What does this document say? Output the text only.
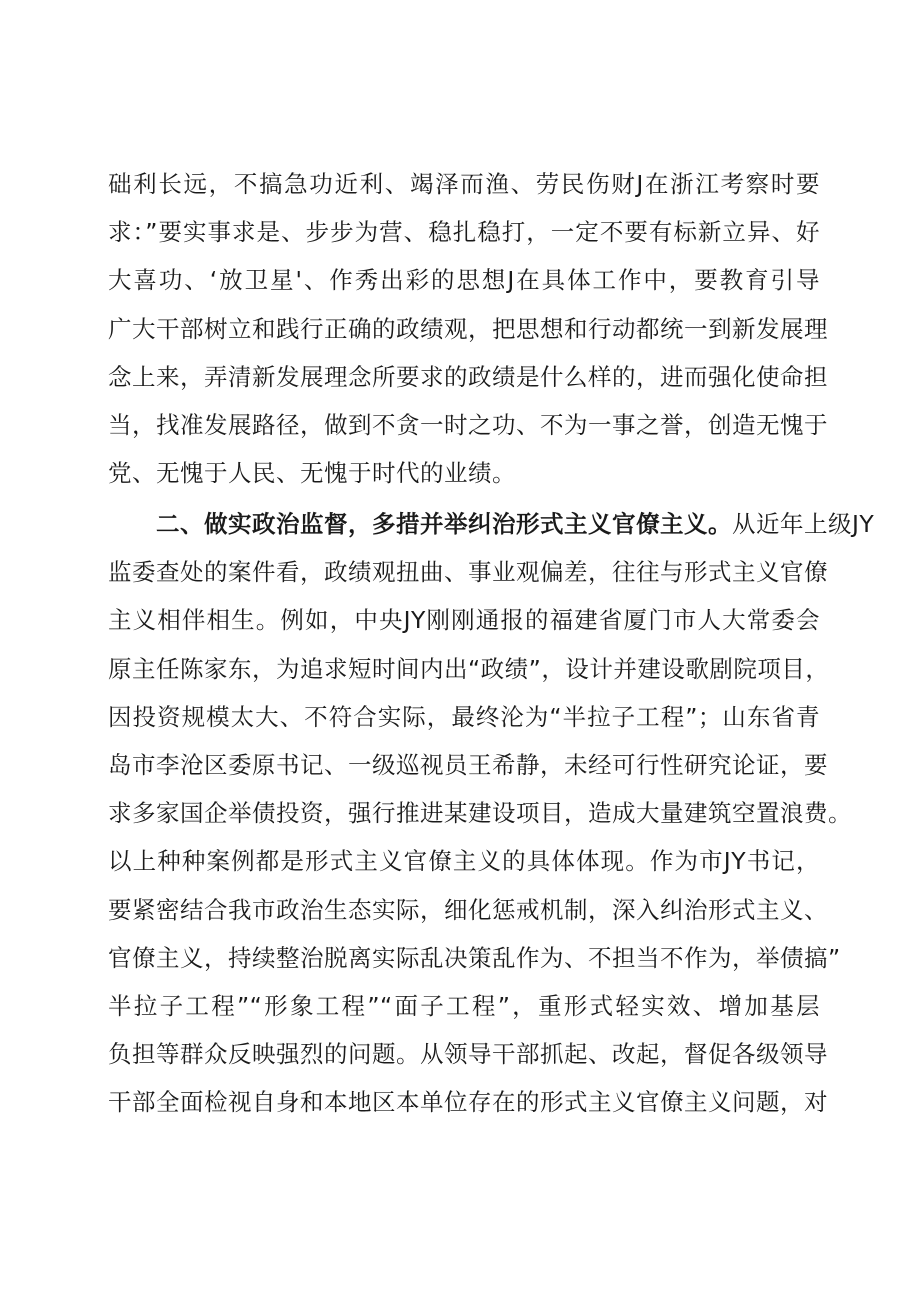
础利长远，不搞急功近利、竭泽而渔、劳民伤财J在浙江考察时要
求：”要实事求是、步步为营、稳扎稳打，一定不要有标新立异、好
大喜功、‘放卫星'、作秀出彩的思想J在具体工作中，要教育引导
广大干部树立和践行正确的政绩观，把思想和行动都统一到新发展理
念上来，弄清新发展理念所要求的政绩是什么样的，进而强化使命担
当，找准发展路径，做到不贪一时之功、不为一事之誉，创造无愧于
党、无愧于人民、无愧于时代的业绩。
二、做实政治监督，多措并举纠治形式主义官僚主义。从近年上级JY
监委查处的案件看，政绩观扭曲、事业观偏差，往往与形式主义官僚
主义相伴相生。例如，中央JY刚刚通报的福建省厦门市人大常委会
原主任陈家东，为追求短时间内出“政绩”，设计并建设歌剧院项目，
因投资规模太大、不符合实际，最终沦为“半拉子工程”；山东省青
岛市李沧区委原书记、一级巡视员王希静，未经可行性研究论证，要
求多家国企举债投资，强行推进某建设项目，造成大量建筑空置浪费。
以上种种案例都是形式主义官僚主义的具体体现。作为市JY书记，
要紧密结合我市政治生态实际，细化惩戒机制，深入纠治形式主义、
官僚主义，持续整治脱离实际乱决策乱作为、不担当不作为，举债搞”
半拉子工程”“形象工程”“面子工程”，重形式轻实效、增加基层
负担等群众反映强烈的问题。从领导干部抓起、改起，督促各级领导
干部全面检视自身和本地区本单位存在的形式主义官僚主义问题，对
